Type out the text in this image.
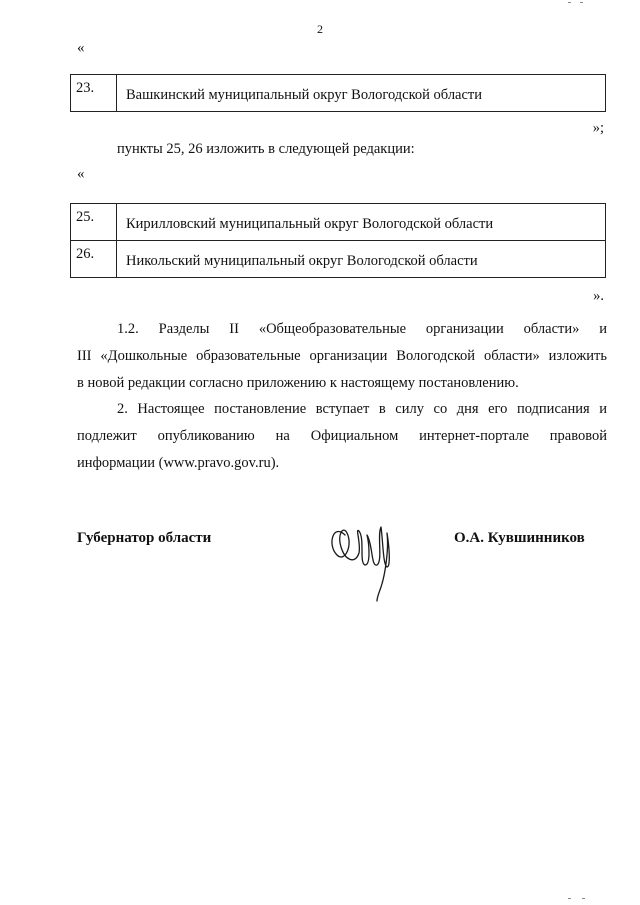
2
«
23.	Вашкинский муниципальный округ Вологодской области
»;
пункты 25, 26 изложить в следующей редакции:
«
25.	Кирилловский муниципальный округ Вологодской области
26.	Никольский муниципальный округ Вологодской области
».
1.2. Разделы II «Общеобразовательные организации области» и
III «Дошкольные образовательные организации Вологодской области» изложить
в новой редакции согласно приложению к настоящему постановлению.
2. Настоящее постановление вступает в силу со дня его подписания и
подлежит опубликованию на Официальном интернет-портале правовой
информации (www.pravo.gov.ru).
Губернатор области	О.А. Кувшинников
